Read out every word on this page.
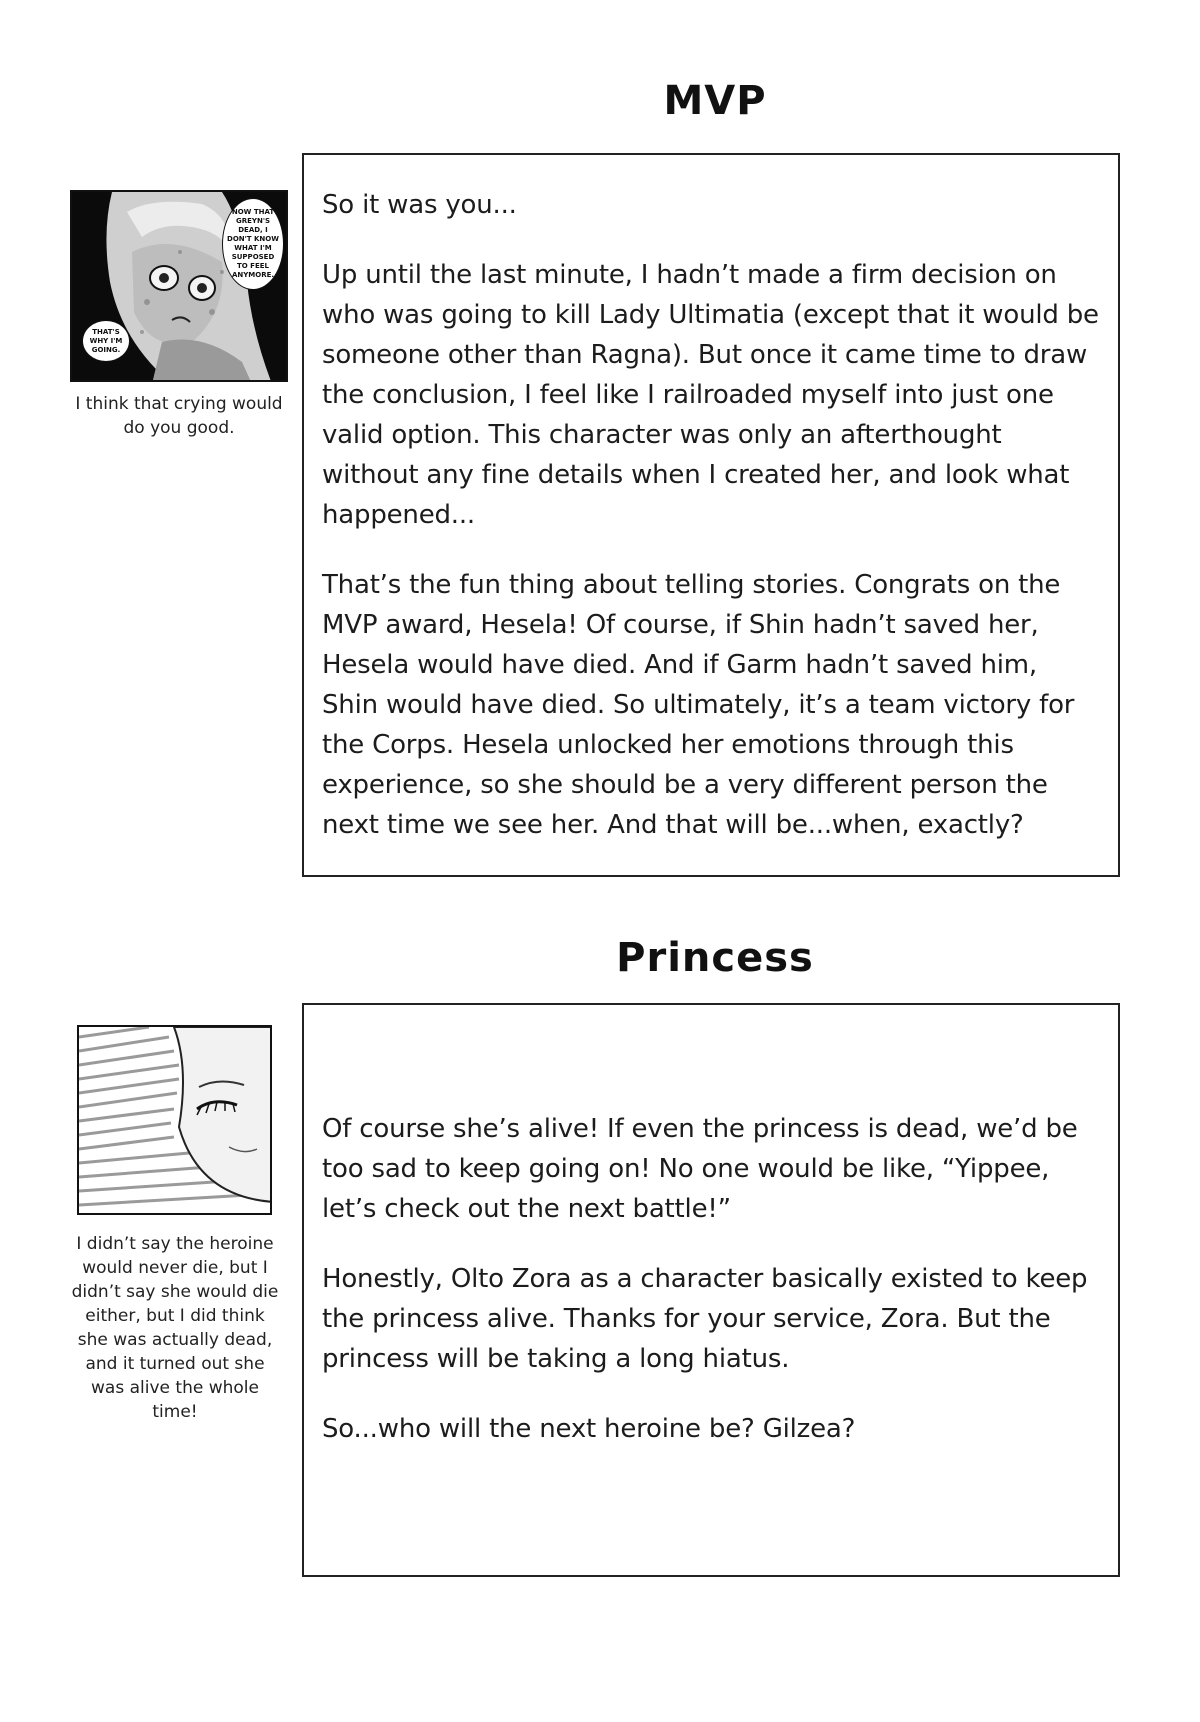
MVP
NOW THAT GREYN'S DEAD, I DON'T KNOW WHAT I'M SUPPOSED TO FEEL ANYMORE.
THAT'S WHY I'M GOING.
I think that crying would do you good.

So it was you...

Up until the last minute, I hadn’t made a firm decision on who was going to kill Lady Ultimatia (except that it would be someone other than Ragna). But once it came time to draw the conclusion, I feel like I railroaded myself into just one valid option. This character was only an afterthought without any fine details when I created her, and look what happened...

That’s the fun thing about telling stories. Congrats on the MVP award, Hesela! Of course, if Shin hadn’t saved her, Hesela would have died. And if Garm hadn’t saved him, Shin would have died. So ultimately, it’s a team victory for the Corps. Hesela unlocked her emotions through this experience, so she should be a very different person the next time we see her. And that will be...when, exactly?

Princess
I didn’t say the heroine would never die, but I didn’t say she would die either, but I did think she was actually dead, and it turned out she was alive the whole time!

Of course she’s alive! If even the princess is dead, we’d be too sad to keep going on! No one would be like, “Yippee, let’s check out the next battle!”

Honestly, Olto Zora as a character basically existed to keep the princess alive. Thanks for your service, Zora. But the princess will be taking a long hiatus.

So...who will the next heroine be? Gilzea?
